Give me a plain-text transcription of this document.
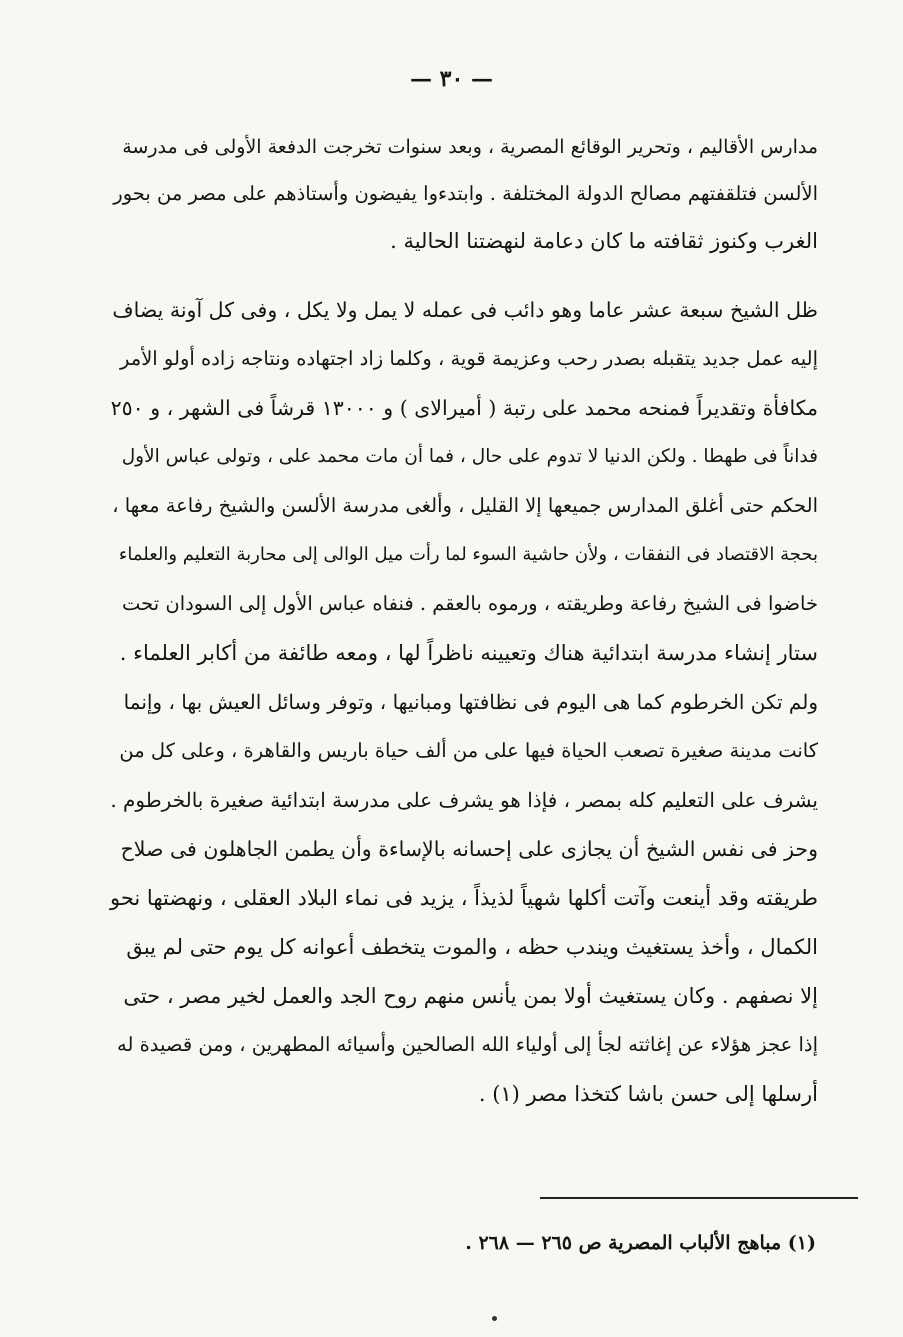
— ٣٠ —
مدارس الأقاليم ، وتحرير الوقائع المصرية ، وبعد سنوات تخرجت الدفعة الأولى فى مدرسة
الألسن فتلقفتهم مصالح الدولة المختلفة . وابتدءوا يفيضون وأستاذهم على مصر من بحور
الغرب وكنوز ثقافته ما كان دعامة لنهضتنا الحالية .
ظل الشيخ سبعة عشر عاما وهو دائب فى عمله لا يمل ولا يكل ، وفى كل آونة يضاف
إليه عمل جديد يتقبله بصدر رحب وعزيمة قوية ، وكلما زاد اجتهاده ونتاجه زاده أولو الأمر
مكافأة وتقديراً فمنحه محمد على رتبة ( أميرالاى ) و ١٣٠٠٠ قرشاً فى الشهر ، و ٢٥٠
فداناً فى طهطا . ولكن الدنيا لا تدوم على حال ، فما أن مات محمد على ، وتولى عباس الأول
الحكم حتى أغلق المدارس جميعها إلا القليل ، وألغى مدرسة الألسن والشيخ رفاعة معها ،
بحجة الاقتصاد فى النفقات ، ولأن حاشية السوء لما رأت ميل الوالى إلى محاربة التعليم والعلماء
خاضوا فى الشيخ رفاعة وطريقته ، ورموه بالعقم . فنفاه عباس الأول إلى السودان تحت
ستار إنشاء مدرسة ابتدائية هناك وتعيينه ناظراً لها ، ومعه طائفة من أكابر العلماء .
ولم تكن الخرطوم كما هى اليوم فى نظافتها ومبانيها ، وتوفر وسائل العيش بها ، وإنما
كانت مدينة صغيرة تصعب الحياة فيها على من ألف حياة باريس والقاهرة ، وعلى كل من
يشرف على التعليم كله بمصر ، فإذا هو يشرف على مدرسة ابتدائية صغيرة بالخرطوم .
وحز فى نفس الشيخ أن يجازى على إحسانه بالإساءة وأن يطمن الجاهلون فى صلاح
طريقته وقد أينعت وآتت أكلها شهياً لذيذاً ، يزيد فى نماء البلاد العقلى ، ونهضتها نحو
الكمال ، وأخذ يستغيث ويندب حظه ، والموت يتخطف أعوانه كل يوم حتى لم يبق
إلا نصفهم . وكان يستغيث أولا بمن يأنس منهم روح الجد والعمل لخير مصر ، حتى
إذا عجز هؤلاء عن إغاثته لجأ إلى أولياء الله الصالحين وأسيائه المطهرين ، ومن قصيدة له
أرسلها إلى حسن باشا كتخذا مصر (١) .
(١) مباهج الألباب المصرية ص ٢٦٥ — ٢٦٨ .
